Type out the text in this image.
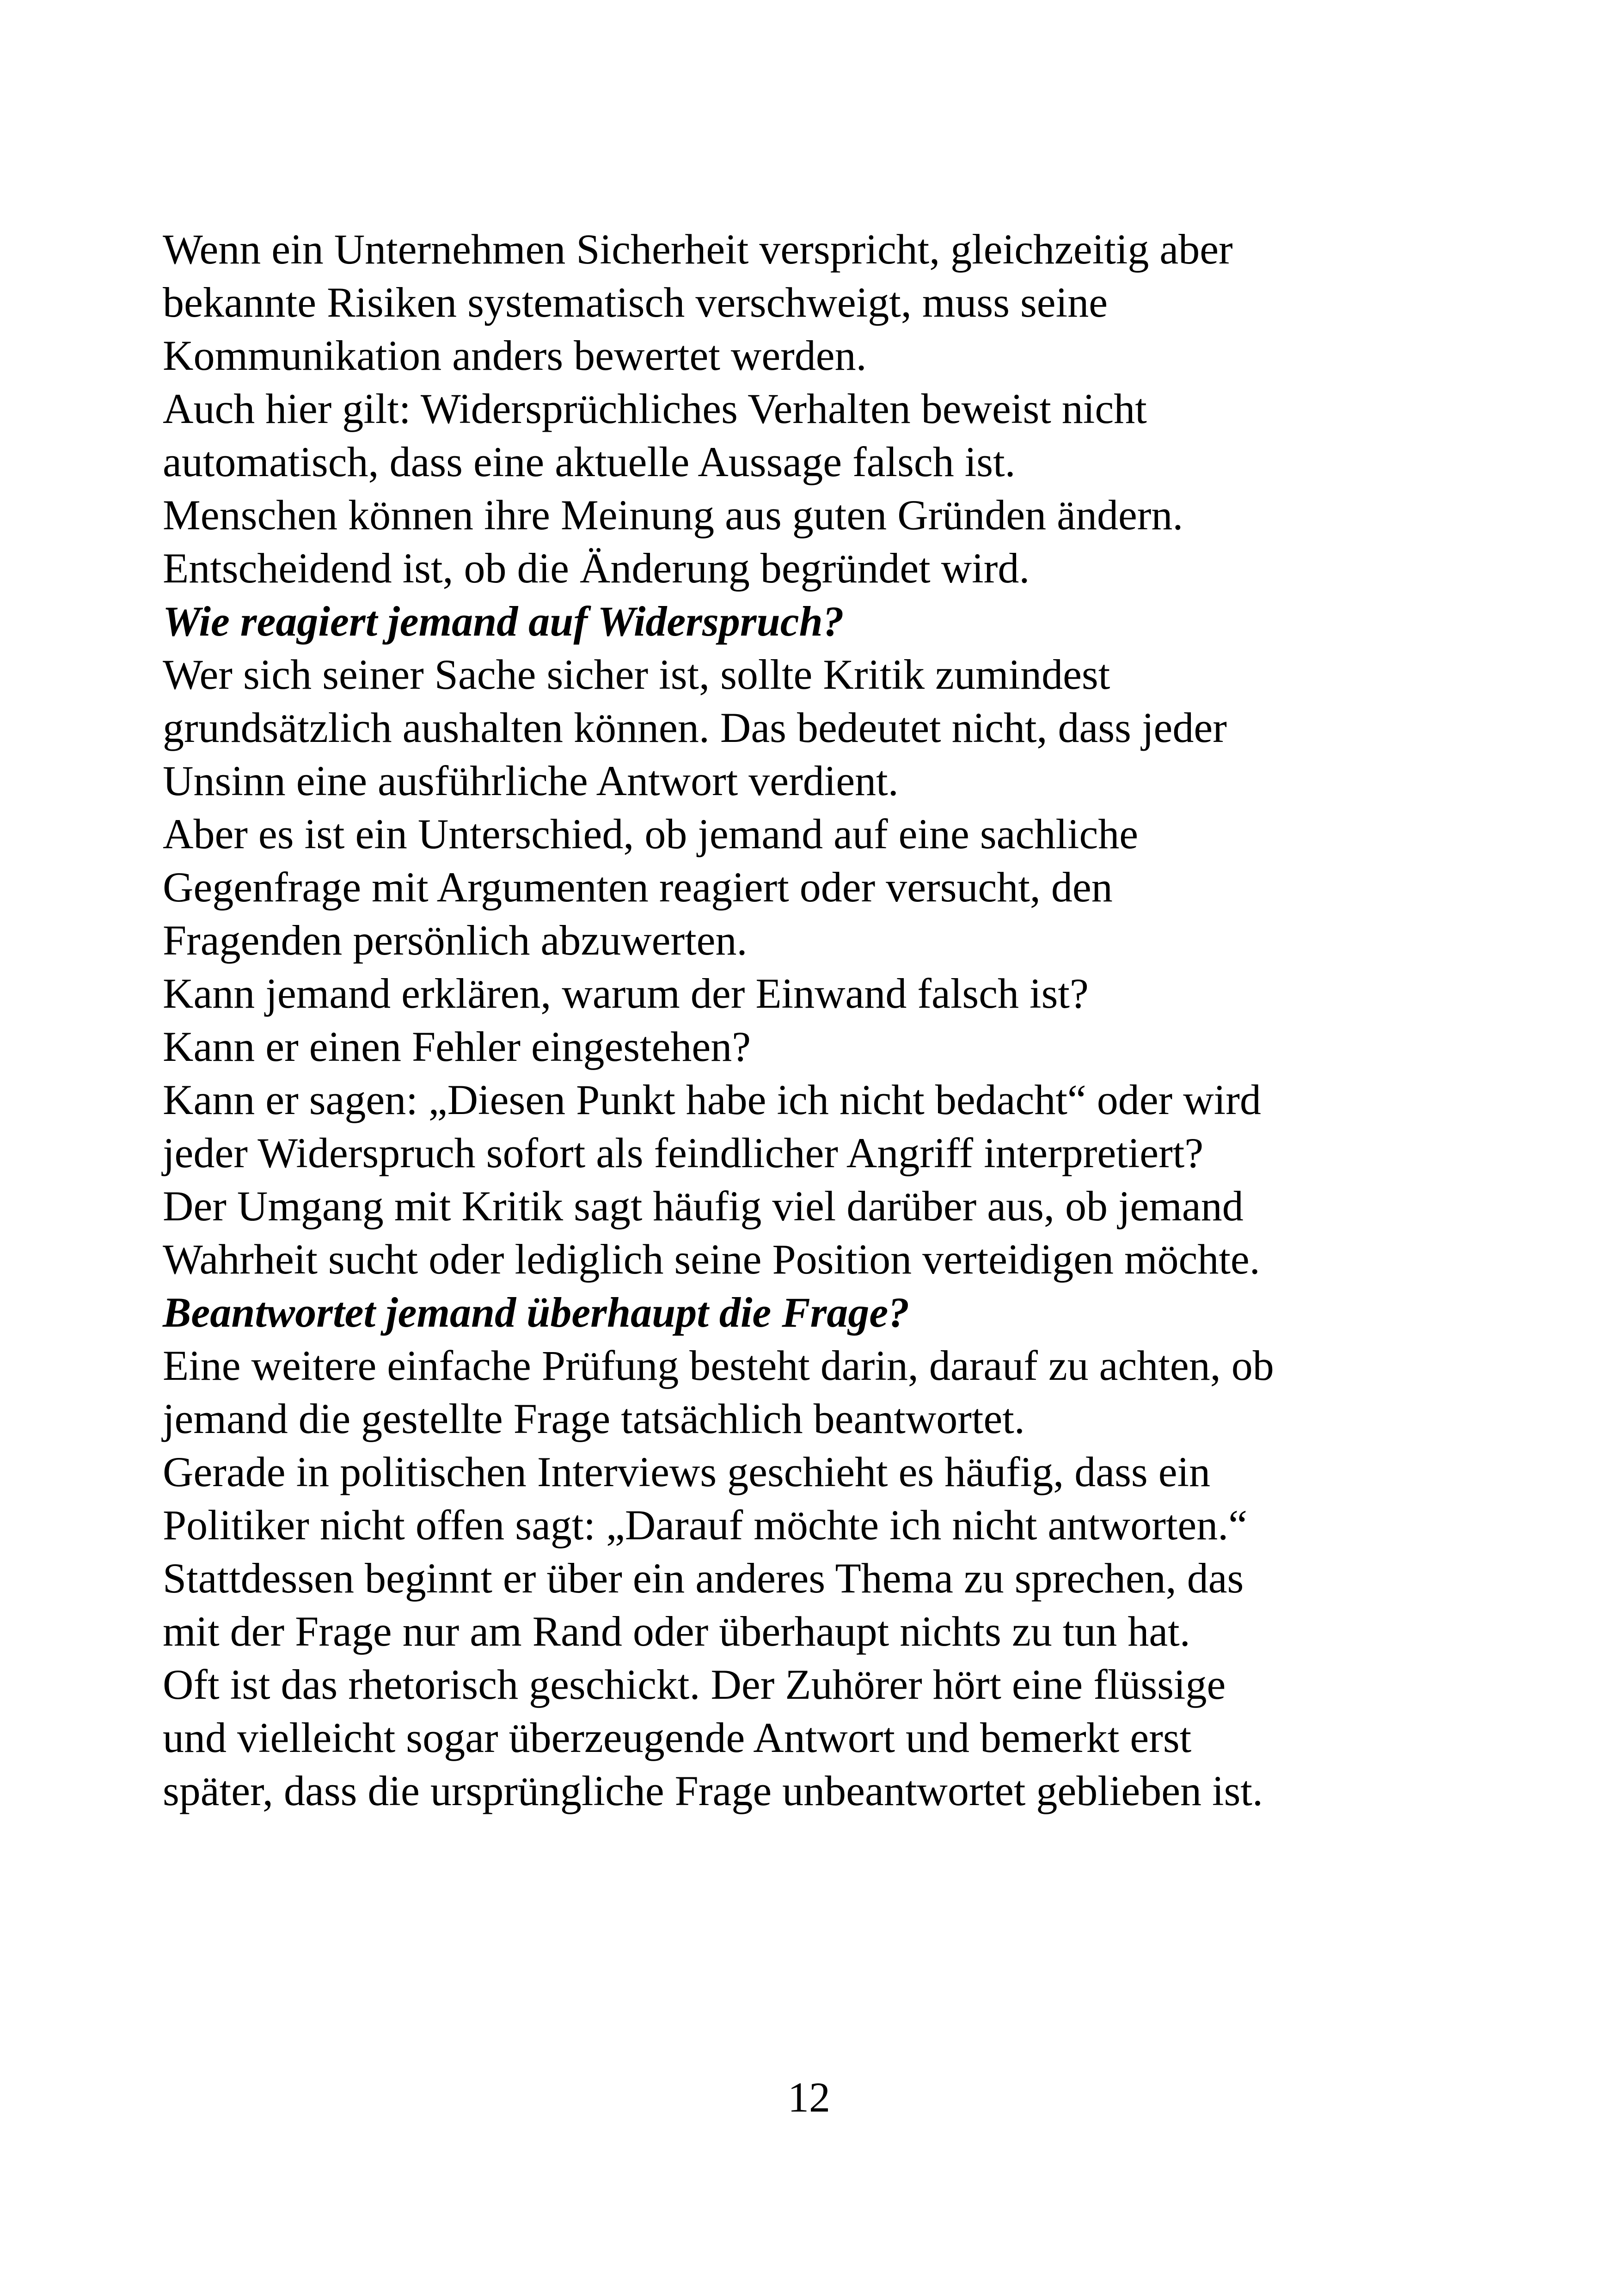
Wenn ein Unternehmen Sicherheit verspricht, gleichzeitig aber
bekannte Risiken systematisch verschweigt, muss seine
Kommunikation anders bewertet werden.
Auch hier gilt: Widersprüchliches Verhalten beweist nicht
automatisch, dass eine aktuelle Aussage falsch ist.
Menschen können ihre Meinung aus guten Gründen ändern.
Entscheidend ist, ob die Änderung begründet wird.
Wie reagiert jemand auf Widerspruch?
Wer sich seiner Sache sicher ist, sollte Kritik zumindest
grundsätzlich aushalten können. Das bedeutet nicht, dass jeder
Unsinn eine ausführliche Antwort verdient.
Aber es ist ein Unterschied, ob jemand auf eine sachliche
Gegenfrage mit Argumenten reagiert oder versucht, den
Fragenden persönlich abzuwerten.
Kann jemand erklären, warum der Einwand falsch ist?
Kann er einen Fehler eingestehen?
Kann er sagen: „Diesen Punkt habe ich nicht bedacht“ oder wird
jeder Widerspruch sofort als feindlicher Angriff interpretiert?
Der Umgang mit Kritik sagt häufig viel darüber aus, ob jemand
Wahrheit sucht oder lediglich seine Position verteidigen möchte.
Beantwortet jemand überhaupt die Frage?
Eine weitere einfache Prüfung besteht darin, darauf zu achten, ob
jemand die gestellte Frage tatsächlich beantwortet.
Gerade in politischen Interviews geschieht es häufig, dass ein
Politiker nicht offen sagt: „Darauf möchte ich nicht antworten.“
Stattdessen beginnt er über ein anderes Thema zu sprechen, das
mit der Frage nur am Rand oder überhaupt nichts zu tun hat.
Oft ist das rhetorisch geschickt. Der Zuhörer hört eine flüssige
und vielleicht sogar überzeugende Antwort und bemerkt erst
später, dass die ursprüngliche Frage unbeantwortet geblieben ist.
12
